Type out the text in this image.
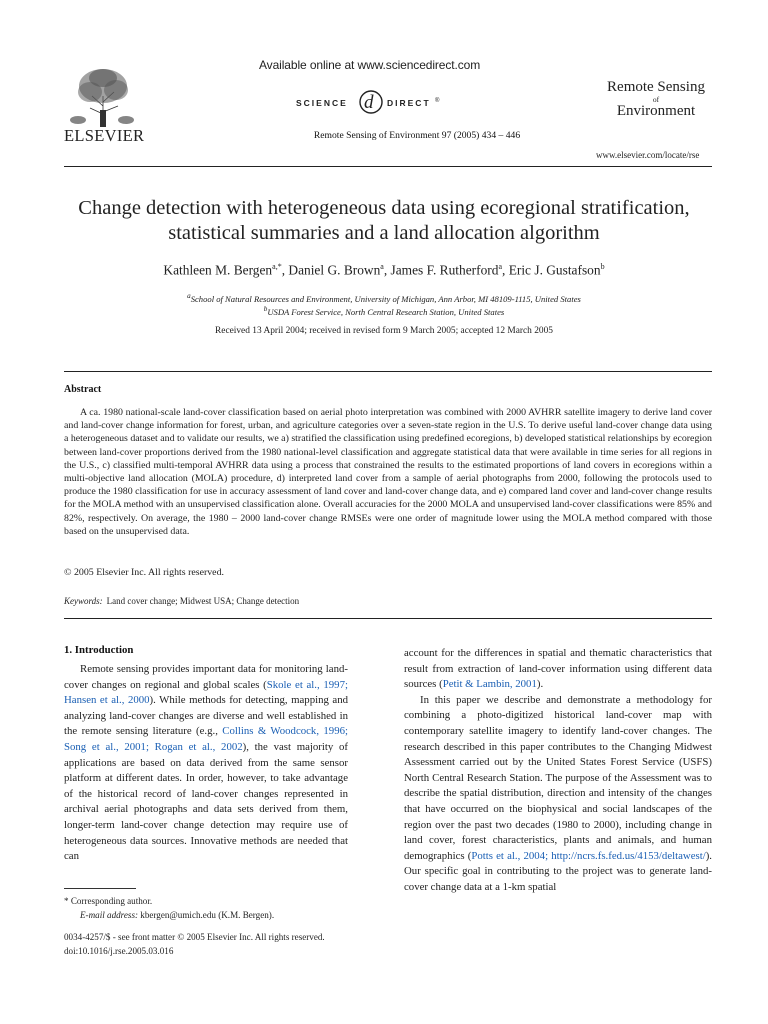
ELSEVIER
Available online at www.sciencedirect.com
SCIENCE d DIRECT ®
Remote Sensing of Environment 97 (2005) 434 – 446
Remote Sensing
of
Environment
www.elsevier.com/locate/rse
Change detection with heterogeneous data using ecoregional stratification,
statistical summaries and a land allocation algorithm
Kathleen M. Bergen$^{a,*}$, Daniel G. Brown$^a$, James F. Rutherford$^a$, Eric J. Gustafson$^b$
$^a$School of Natural Resources and Environment, University of Michigan, Ann Arbor, MI 48109-1115, United States
$^b$USDA Forest Service, North Central Research Station, United States
Received 13 April 2004; received in revised form 9 March 2005; accepted 12 March 2005
Abstract
A ca. 1980 national-scale land-cover classification based on aerial photo interpretation was combined with 2000 AVHRR satellite imagery to derive land cover and land-cover change information for forest, urban, and agriculture categories over a seven-state region in the U.S. To derive useful land-cover change data using a heterogeneous dataset and to validate our results, we a) stratified the classification using predefined ecoregions, b) developed statistical relationships by ecoregion between land-cover proportions derived from the 1980 national-level classification and aggregate statistical data that were available in time series for all regions in the U.S., c) classified multi-temporal AVHRR data using a process that constrained the results to the estimated proportions of land covers in ecoregions within a multi-objective land allocation (MOLA) procedure, d) interpreted land cover from a sample of aerial photographs from 2000, following the protocols used to produce the 1980 classification for use in accuracy assessment of land cover and land-cover change data, and e) compared land cover and land-cover change results for the MOLA method with an unsupervised classification alone. Overall accuracies for the 2000 MOLA and unsupervised land-cover classifications were 85% and 82%, respectively. On average, the 1980 – 2000 land-cover change RMSEs were one order of magnitude lower using the MOLA method compared with those based on the unsupervised data.
© 2005 Elsevier Inc. All rights reserved.
Keywords: Land cover change; Midwest USA; Change detection
1. Introduction
Remote sensing provides important data for monitoring land-cover changes on regional and global scales (Skole et al., 1997; Hansen et al., 2000). While methods for detecting, mapping and analyzing land-cover changes are diverse and well established in the remote sensing literature (e.g., Collins & Woodcock, 1996; Song et al., 2001; Rogan et al., 2002), the vast majority of applications are based on data derived from the same sensor platform at different dates. In order, however, to take advantage of the historical record of land-cover changes represented in archival aerial photographs and data sets derived from them, longer-term land-cover change detection may require use of heterogeneous data sources. Innovative methods are needed that can

account for the differences in spatial and thematic characteristics that result from extraction of land-cover information using different data sources (Petit & Lambin, 2001).

In this paper we describe and demonstrate a methodology for combining a photo-digitized historical land-cover map with contemporary satellite imagery to identify land-cover changes. The research described in this paper contributes to the Changing Midwest Assessment carried out by the United States Forest Service (USFS) North Central Research Station. The purpose of the Assessment was to describe the spatial distribution, direction and intensity of the changes that have occurred on the biophysical and social landscapes of the region over the past two decades (1980 to 2000), including change in land cover, forest characteristics, plants and animals, and human demographics (Potts et al., 2004; http://ncrs.fs.fed.us/4153/deltawest/). Our specific goal in contributing to the project was to generate land-cover change data at a 1-km spatial

* Corresponding author.
E-mail address: kbergen@umich.edu (K.M. Bergen).
0034-4257/$ - see front matter © 2005 Elsevier Inc. All rights reserved.
doi:10.1016/j.rse.2005.03.016
